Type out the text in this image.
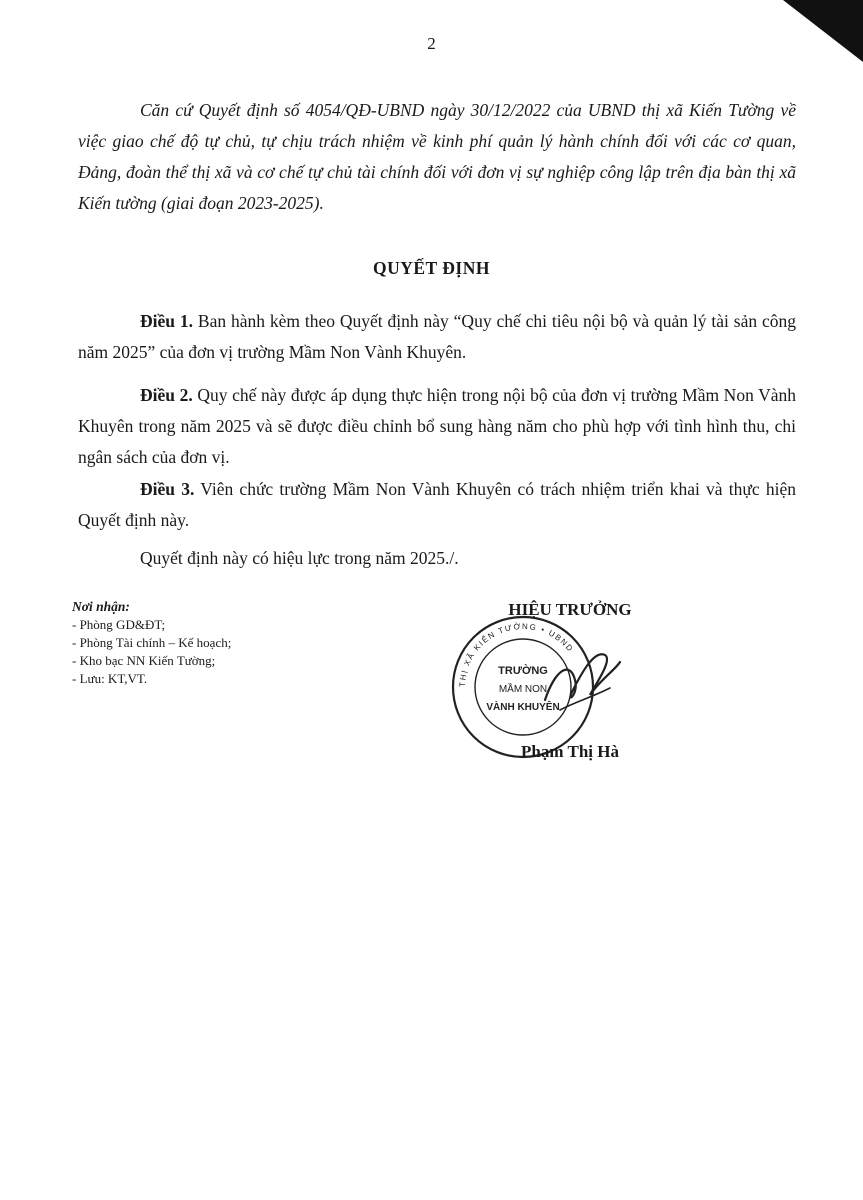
2
Căn cứ Quyết định số 4054/QĐ-UBND ngày 30/12/2022 của UBND thị xã Kiến Tường về việc giao chế độ tự chủ, tự chịu trách nhiệm về kinh phí quản lý hành chính đối với các cơ quan, Đảng, đoàn thể thị xã và cơ chế tự chủ tài chính đối với đơn vị sự nghiệp công lập trên địa bàn thị xã Kiến tường (giai đoạn 2023-2025).
QUYẾT ĐỊNH
Điều 1. Ban hành kèm theo Quyết định này “Quy chế chi tiêu nội bộ và quản lý tài sản công năm 2025” của đơn vị trường Mầm Non Vành Khuyên.
Điều 2. Quy chế này được áp dụng thực hiện trong nội bộ của đơn vị trường Mầm Non Vành Khuyên trong năm 2025 và sẽ được điều chỉnh bổ sung hàng năm cho phù hợp với tình hình thu, chi ngân sách của đơn vị.
Điều 3. Viên chức trường Mầm Non Vành Khuyên có trách nhiệm triển khai và thực hiện Quyết định này.
Quyết định này có hiệu lực trong năm 2025./.
Nơi nhận:
- Phòng GD&ĐT;
- Phòng Tài chính – Kế hoạch;
- Kho bạc NN Kiến Tường;
- Lưu: KT,VT.
HIỆU TRƯỞNG
THỊ XÃ KIẾN TƯỜNG • UBND
TRƯỜNG
MẦM NON
VÀNH KHUYÊN
Phạm Thị Hà
